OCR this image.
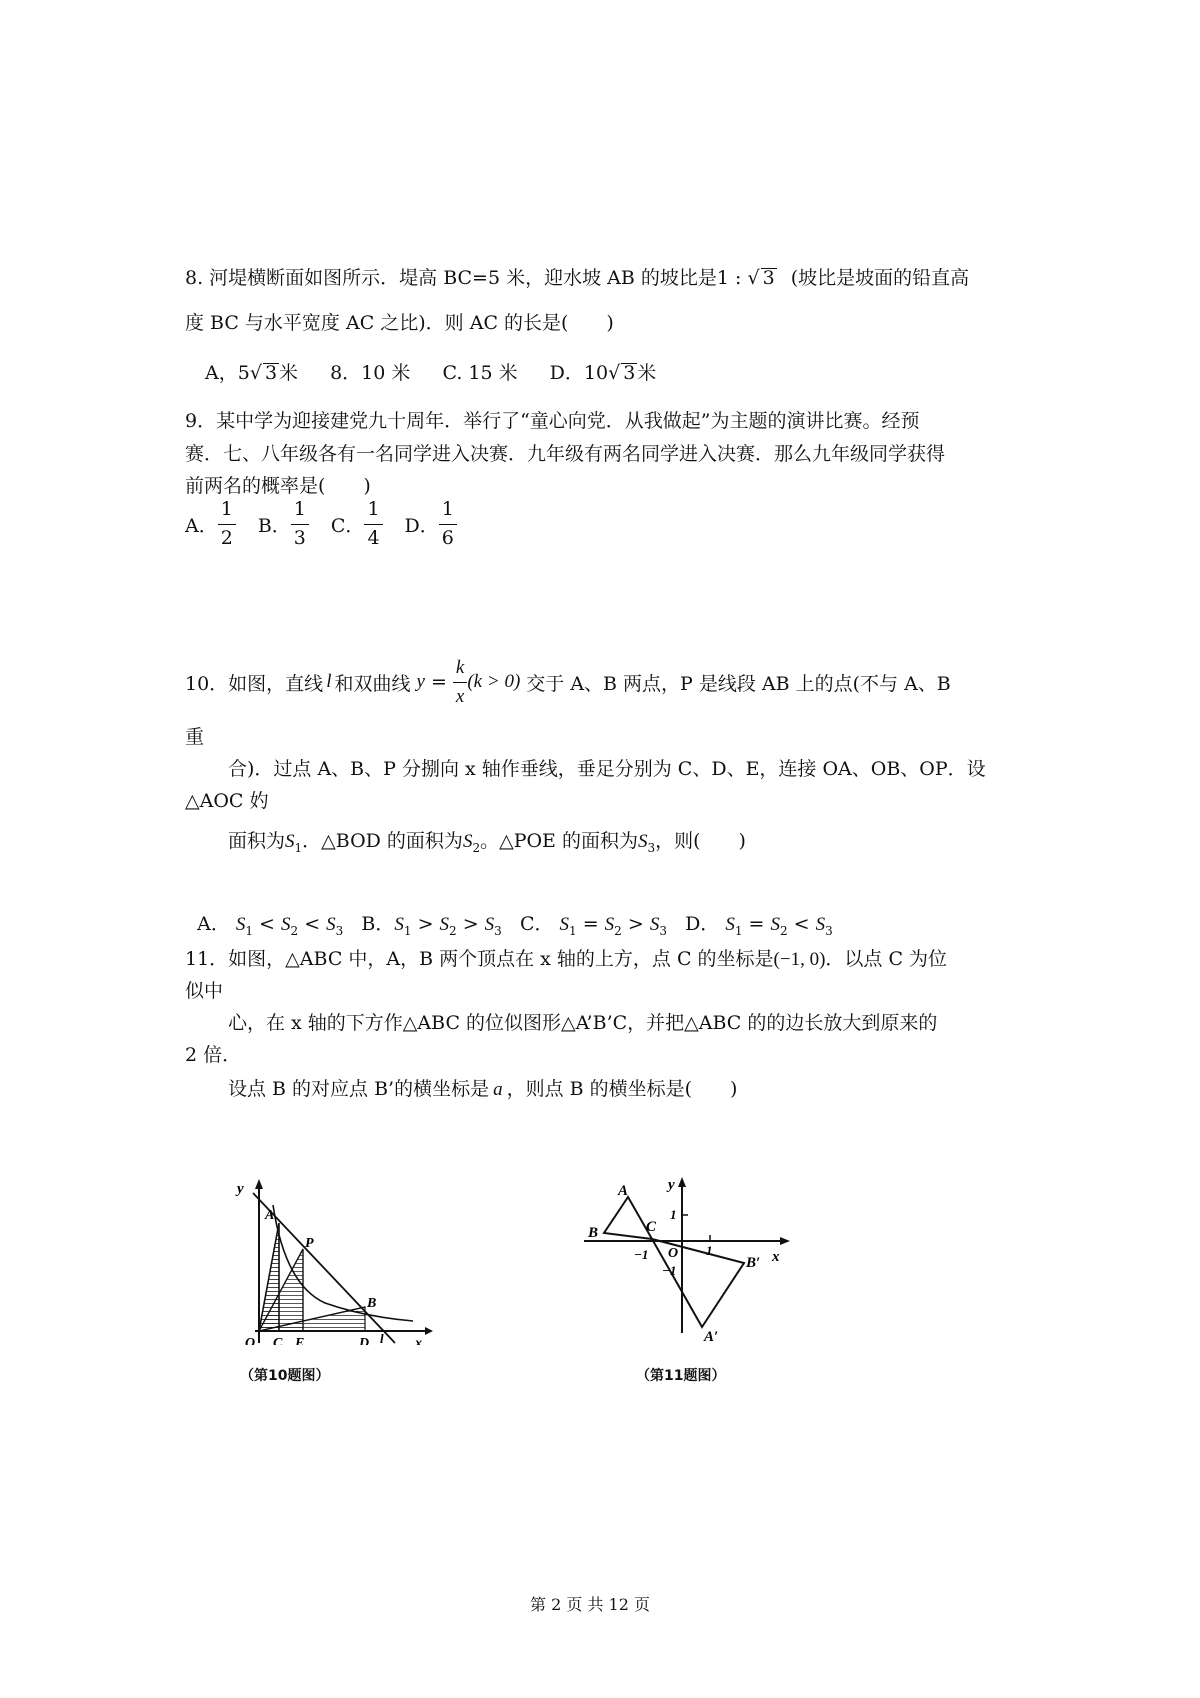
8. 河堤横断面如图所示．堤高 BC=5 米，迎水坡 AB 的坡比是1 : √ 3 (坡比是坡面的铅直高
度 BC 与水平宽度 AC 之比)．则 AC 的长是(　　)
A，5√ 3 米 8．10 米 C. 15 米 D．10√ 3 米
9．某中学为迎接建党九十周年．举行了“童心向党．从我做起”为主题的演讲比赛。经预
赛．七、八年级各有一名同学进入决赛．九年级有两名同学进入决赛．那么九年级同学获得
前两名的概率是(　　)
A． $\frac{1}{2}$ B． $\frac{1}{3}$ C． $\frac{1}{4}$ D． $\frac{1}{6}$
10．如图，直线 l 和双曲线 $y = \frac{k}{x} (k > 0)$ 交于 A、B 两点，P 是线段 AB 上的点(不与 A、B
重
合)．过点 A、B、P 分捌向 x 轴作垂线，垂足分别为 C、D、E，连接 OA、OB、OP．设
△AOC 妁
面积为$S_1$．△BOD 的面积为$S_2$。△POE 的面积为$S_3$，则(　　)

A． $S_1 < S_2 < S_3$ B．$S_1 > S_2 > S_3$ C． $S_1 = S_2 > S_3$ D． $S_1 = S_2 < S_3$

11．如图，△ABC 中，A，B 两个顶点在 x 轴的上方，点 C 的坐标是(−1, 0)．以点 C 为位
似中
心，在 x 轴的下方作△ABC 的位似图形△A’B’C，并把△ABC 的的边长放大到原来的
2 倍．
设点 B 的对应点 B’的横坐标是 a ，则点 B 的横坐标是(　　)
y
A
P
B
O C E	D	x
l
（第10题图）
A	y
1
B	C
−1 O 1	x
−1	B′
A′
（第11题图）
第 2 页 共 12 页
